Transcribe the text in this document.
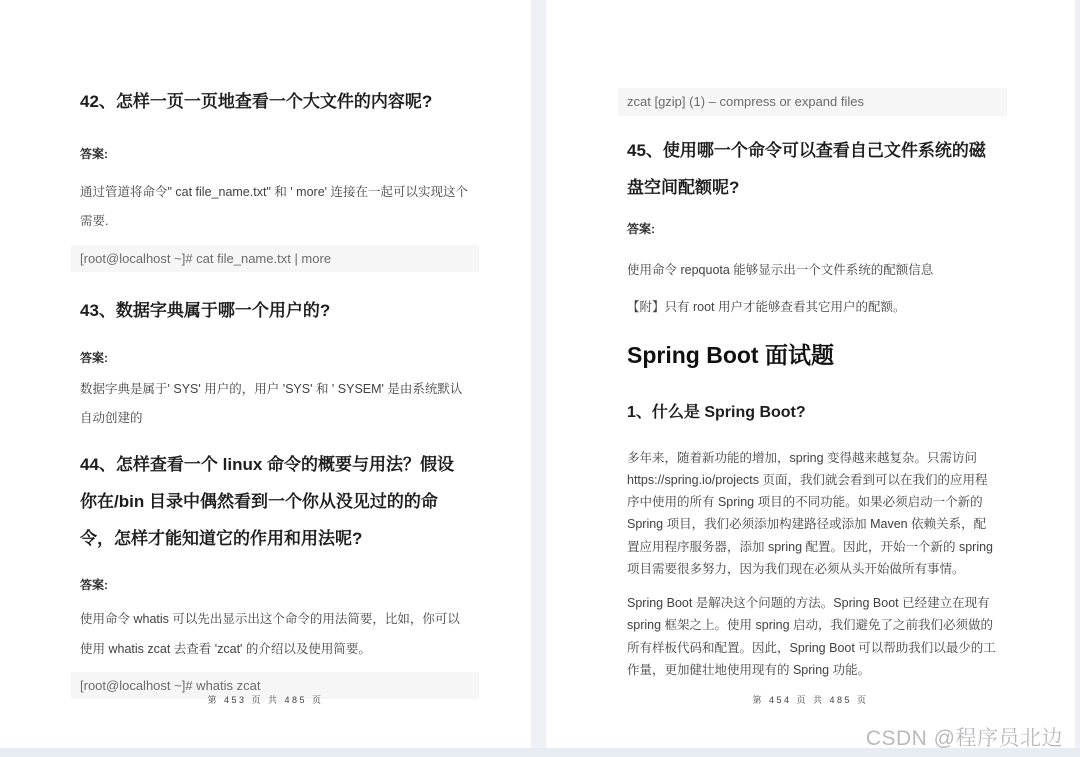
42、怎样一页一页地查看一个大文件的内容呢?
答案:

通过管道将命令" cat file_name.txt" 和 ' more' 连接在一起可以实现这个需要.

[root@localhost ~]# cat file_name.txt | more
43、数据字典属于哪一个用户的?
答案:

数据字典是属于' SYS' 用户的，用户 'SYS' 和 ' SYSEM' 是由系统默认自动创建的

44、怎样查看一个 linux 命令的概要与用法？假设你在/bin 目录中偶然看到一个你从没见过的的命令，怎样才能知道它的作用和用法呢?
答案:

使用命令 whatis 可以先出显示出这个命令的用法简要，比如，你可以使用 whatis zcat 去查看 'zcat' 的介绍以及使用简要。

[root@localhost ~]# whatis zcat
第 453 页 共 485 页
zcat [gzip] (1) – compress or expand files
45、使用哪一个命令可以查看自己文件系统的磁盘空间配额呢?
答案:

使用命令 repquota 能够显示出一个文件系统的配额信息

【附】只有 root 用户才能够查看其它用户的配额。

Spring Boot 面试题
1、什么是 Spring Boot?

多年来，随着新功能的增加，spring 变得越来越复杂。只需访问 https://spring.io/projects 页面，我们就会看到可以在我们的应用程序中使用的所有 Spring 项目的不同功能。如果必须启动一个新的 Spring 项目，我们必须添加构建路径或添加 Maven 依赖关系，配置应用程序服务器，添加 spring 配置。因此，开始一个新的 spring 项目需要很多努力，因为我们现在必须从头开始做所有事情。

Spring Boot 是解决这个问题的方法。Spring Boot 已经建立在现有 spring 框架之上。使用 spring 启动，我们避免了之前我们必须做的所有样板代码和配置。因此，Spring Boot 可以帮助我们以最少的工作量，更加健壮地使用现有的 Spring 功能。

第 454 页 共 485 页
CSDN @程序员北边
